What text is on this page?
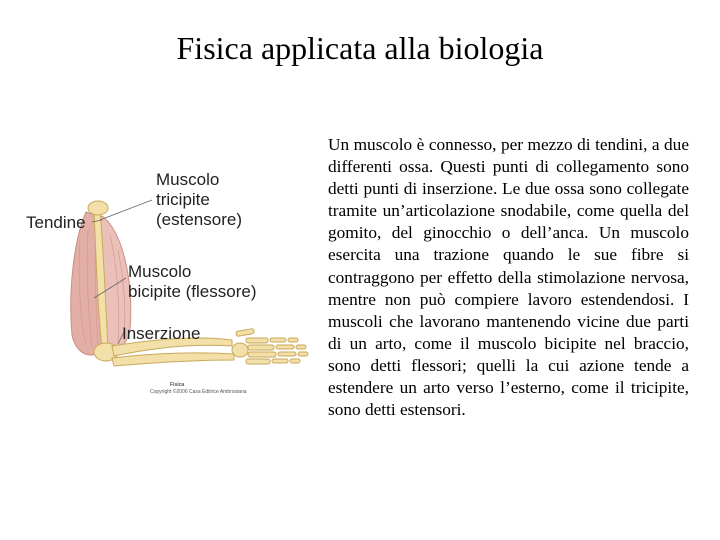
Fisica applicata alla biologia
Muscolo
tricipite
(estensore)
Tendine
Muscolo
bicipite (flessore)
Inserzione
Fisica
Copyright ©2006 Casa Editrice Ambrosiana
Un muscolo è connesso, per mezzo di tendini, a due differenti ossa. Questi punti di collegamento sono detti punti di inserzione. Le due ossa sono collegate tramite un’articolazione snodabile, come quella del gomito, del ginocchio o dell’anca. Un muscolo esercita una trazione quando le sue fibre si contraggono per effetto della stimolazione nervosa, mentre non può compiere lavoro estendendosi. I muscoli che lavorano mantenendo vicine due parti di un arto, come il muscolo bicipite nel braccio, sono detti flessori; quelli la cui azione tende a estendere un arto verso l’esterno, come il tricipite, sono detti estensori.
